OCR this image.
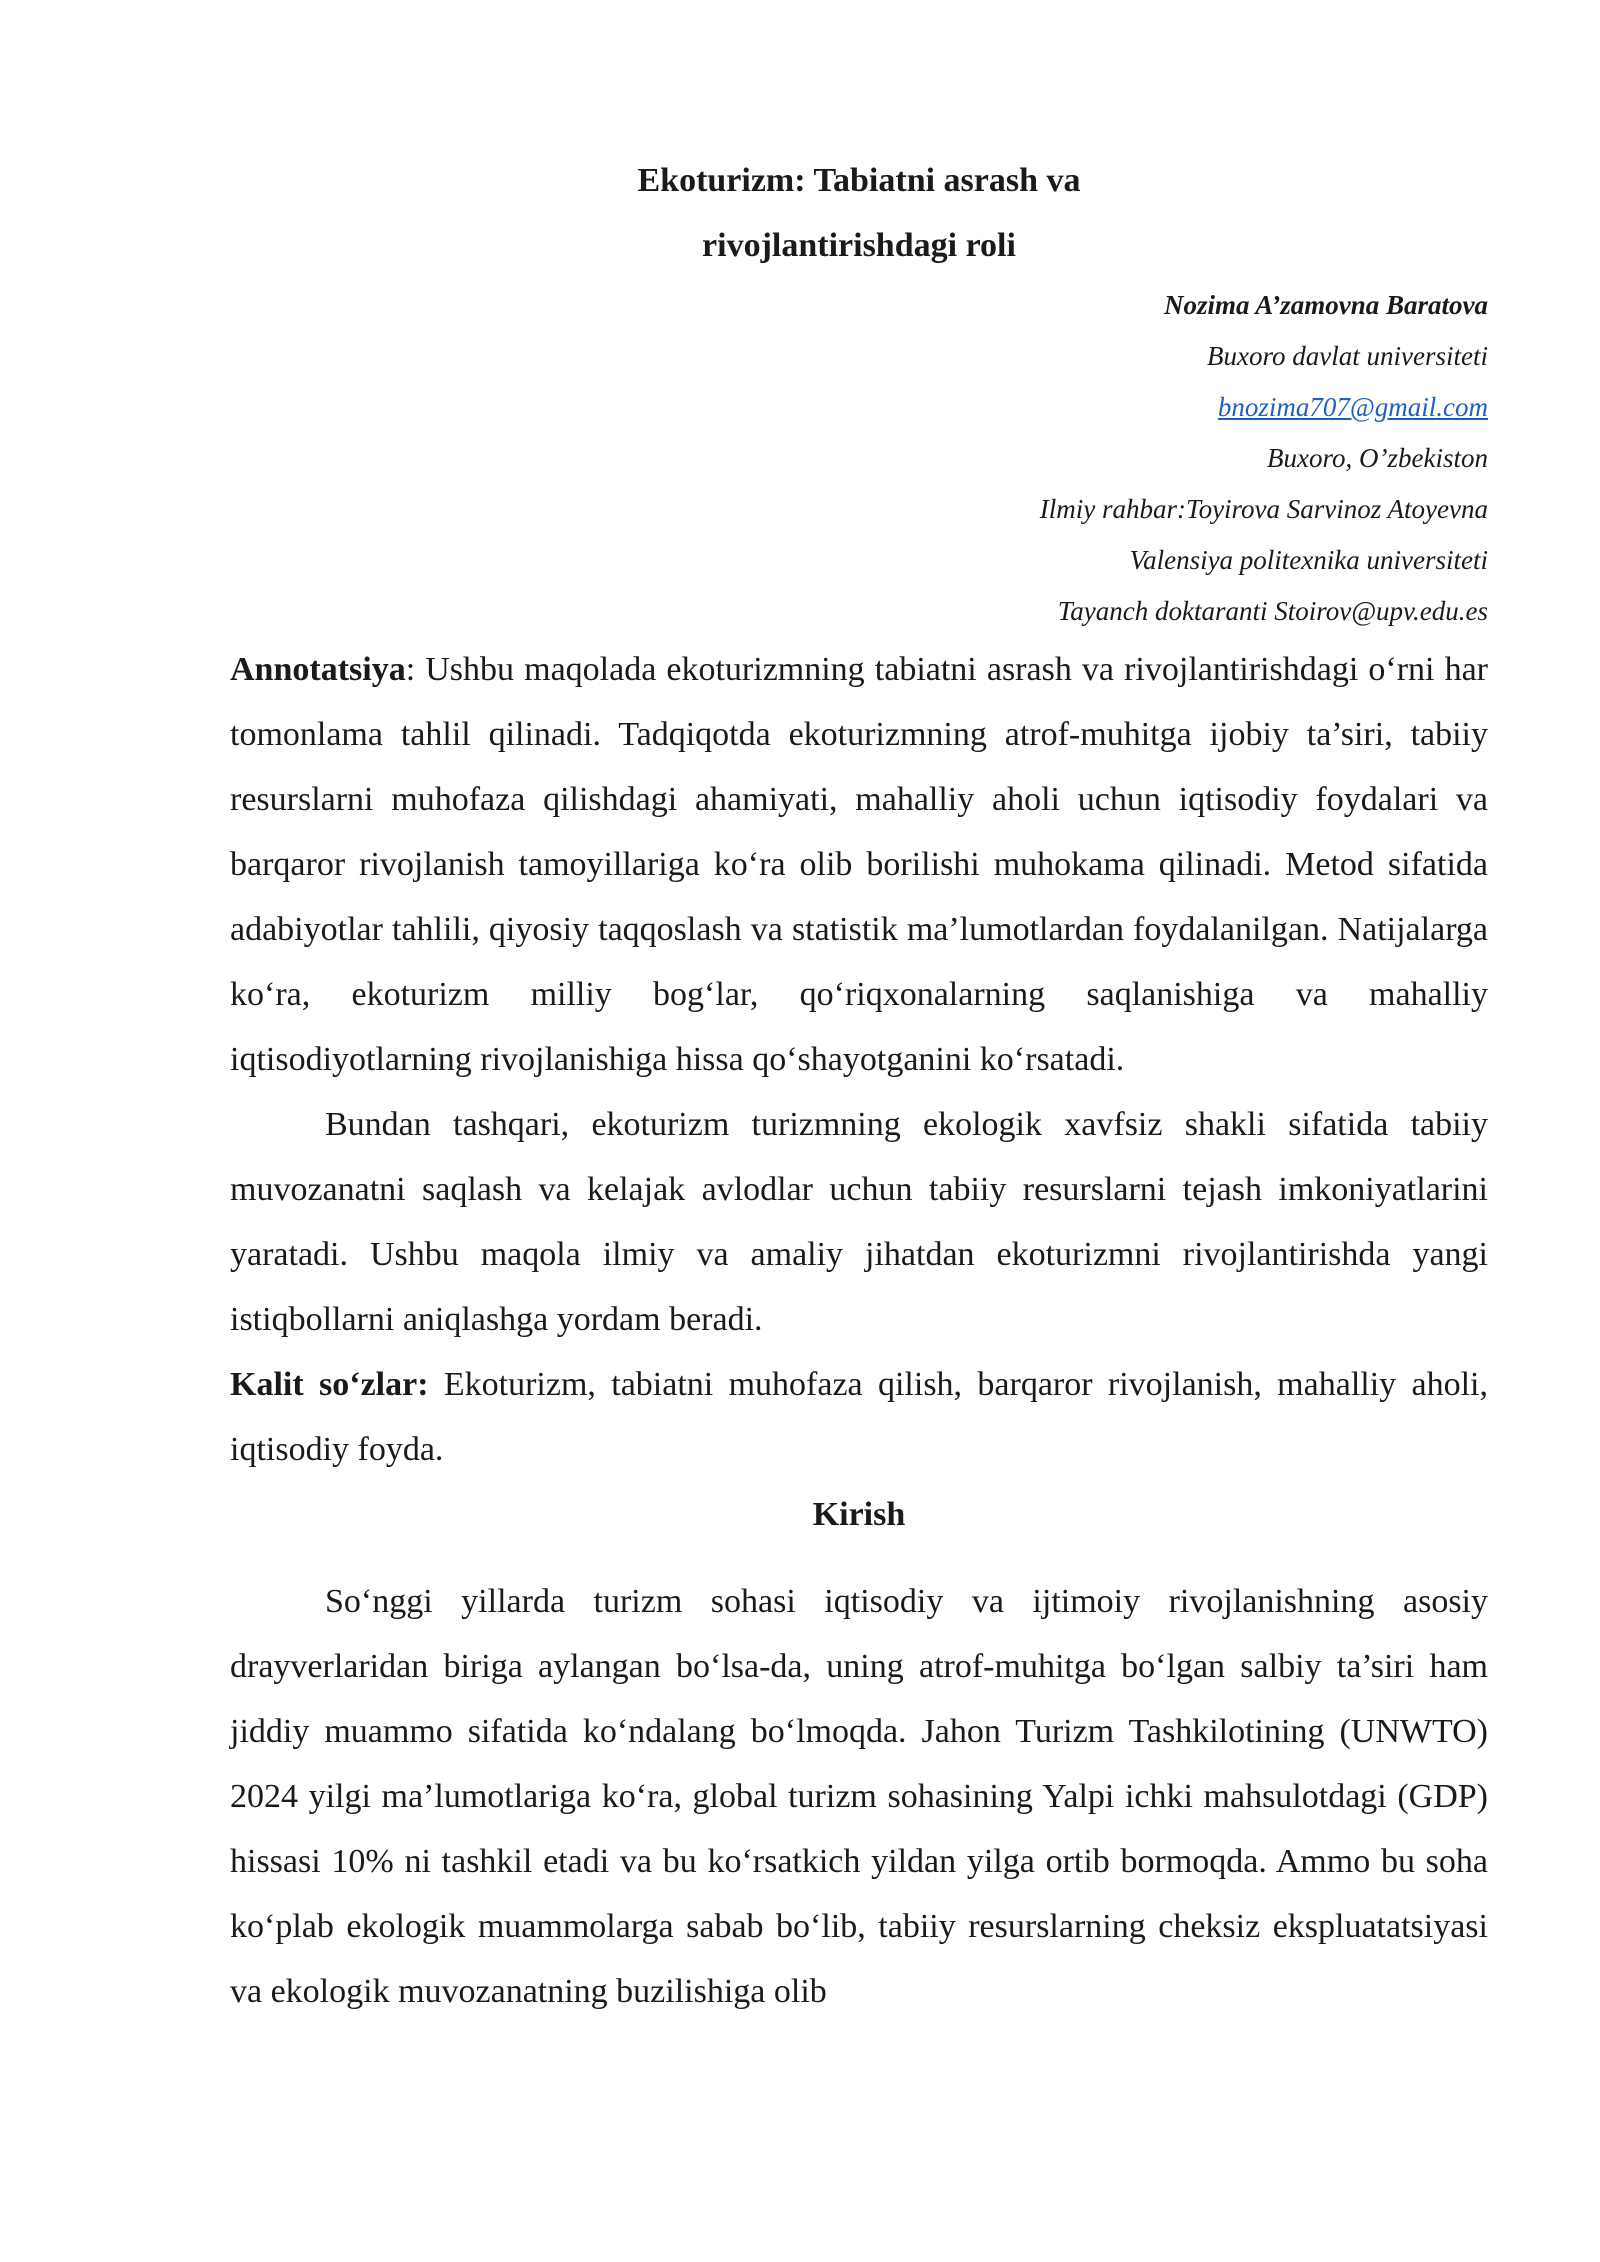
Ekoturizm: Tabiatni asrash va

rivojlantirishdagi roli

Nozima A’zamovna Baratova
Buxoro davlat universiteti
bnozima707@gmail.com
Buxoro, O’zbekiston
Ilmiy rahbar:Toyirova Sarvinoz Atoyevna
Valensiya politexnika universiteti
Tayanch doktaranti Stoirov@upv.edu.es

Annotatsiya: Ushbu maqolada ekoturizmning tabiatni asrash va rivojlantirishdagi o‘rni har tomonlama tahlil qilinadi. Tadqiqotda ekoturizmning atrof-muhitga ijobiy ta’siri, tabiiy resurslarni muhofaza qilishdagi ahamiyati, mahalliy aholi uchun iqtisodiy foydalari va barqaror rivojlanish tamoyillariga ko‘ra olib borilishi muhokama qilinadi. Metod sifatida adabiyotlar tahlili, qiyosiy taqqoslash va statistik ma’lumotlardan foydalanilgan. Natijalarga ko‘ra, ekoturizm milliy bog‘lar, qo‘riqxonalarning saqlanishiga va mahalliy iqtisodiyotlarning rivojlanishiga hissa qo‘shayotganini ko‘rsatadi.

Bundan tashqari, ekoturizm turizmning ekologik xavfsiz shakli sifatida tabiiy muvozanatni saqlash va kelajak avlodlar uchun tabiiy resurslarni tejash imkoniyatlarini yaratadi. Ushbu maqola ilmiy va amaliy jihatdan ekoturizmni rivojlantirishda yangi istiqbollarni aniqlashga yordam beradi.

Kalit so‘zlar: Ekoturizm, tabiatni muhofaza qilish, barqaror rivojlanish, mahalliy aholi, iqtisodiy foyda.

Kirish

So‘nggi yillarda turizm sohasi iqtisodiy va ijtimoiy rivojlanishning asosiy drayverlaridan biriga aylangan bo‘lsa-da, uning atrof-muhitga bo‘lgan salbiy ta’siri ham jiddiy muammo sifatida ko‘ndalang bo‘lmoqda. Jahon Turizm Tashkilotining (UNWTO) 2024 yilgi ma’lumotlariga ko‘ra, global turizm sohasining Yalpi ichki mahsulotdagi (GDP) hissasi 10% ni tashkil etadi va bu ko‘rsatkich yildan yilga ortib bormoqda. Ammo bu soha ko‘plab ekologik muammolarga sabab bo‘lib, tabiiy resurslarning cheksiz ekspluatatsiyasi va ekologik muvozanatning buzilishiga olib
